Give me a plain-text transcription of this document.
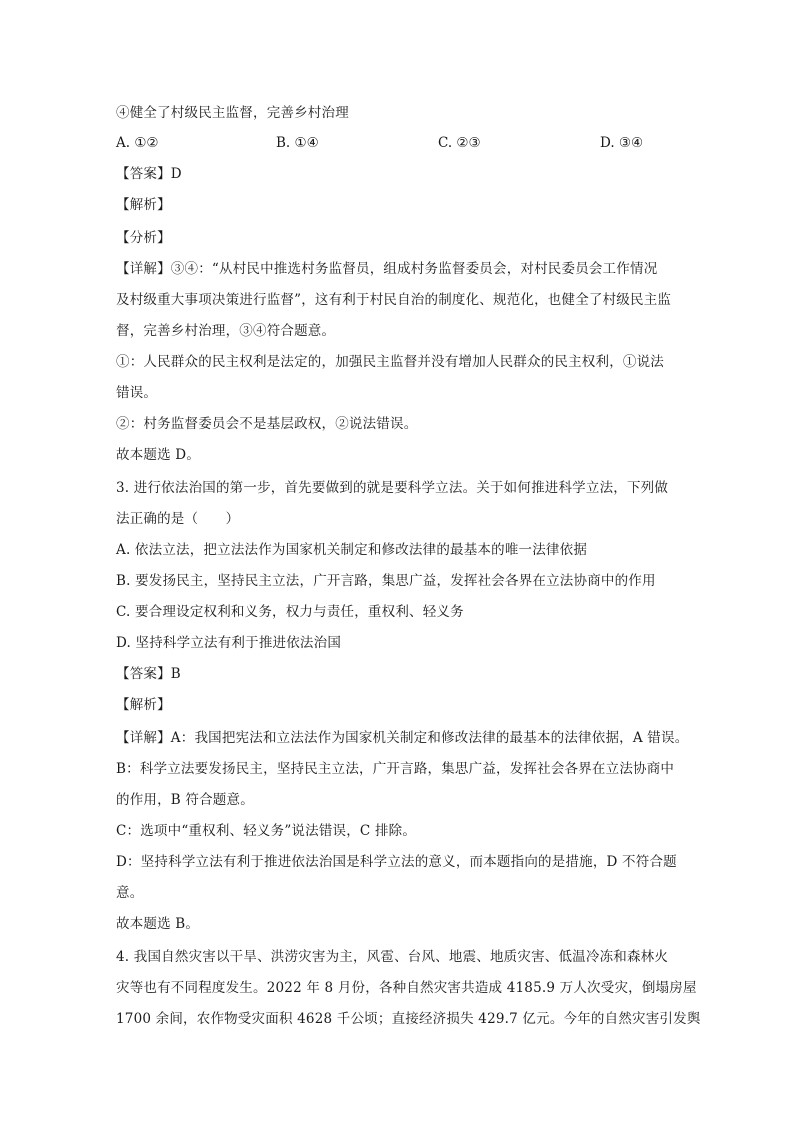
④健全了村级民主监督，完善乡村治理
A. ①②	B. ①④	C. ②③	D. ③④
【答案】D
【解析】
【分析】
【详解】③④：“从村民中推选村务监督员，组成村务监督委员会，对村民委员会工作情况
及村级重大事项决策进行监督”，这有利于村民自治的制度化、规范化，也健全了村级民主监
督，完善乡村治理，③④符合题意。
①：人民群众的民主权利是法定的，加强民主监督并没有增加人民群众的民主权利，①说法
错误。
②：村务监督委员会不是基层政权，②说法错误。
故本题选 D。
3. 进行依法治国的第一步，首先要做到的就是要科学立法。关于如何推进科学立法，下列做
法正确的是（　　）
A. 依法立法，把立法法作为国家机关制定和修改法律的最基本的唯一法律依据
B. 要发扬民主，坚持民主立法，广开言路，集思广益，发挥社会各界在立法协商中的作用
C. 要合理设定权利和义务，权力与责任，重权利、轻义务
D. 坚持科学立法有利于推进依法治国
【答案】B
【解析】
【详解】A：我国把宪法和立法法作为国家机关制定和修改法律的最基本的法律依据，A 错误。
B：科学立法要发扬民主，坚持民主立法，广开言路，集思广益，发挥社会各界在立法协商中
的作用，B 符合题意。
C：选项中“重权利、轻义务”说法错误，C 排除。
D：坚持科学立法有利于推进依法治国是科学立法的意义，而本题指向的是措施，D 不符合题
意。
故本题选 B。
4. 我国自然灾害以干旱、洪涝灾害为主，风雹、台风、地震、地质灾害、低温冷冻和森林火
灾等也有不同程度发生。2022 年 8 月份，各种自然灾害共造成 4185.9 万人次受灾，倒塌房屋
1700 余间，农作物受灾面积 4628 千公顷；直接经济损失 429.7 亿元。今年的自然灾害引发舆
